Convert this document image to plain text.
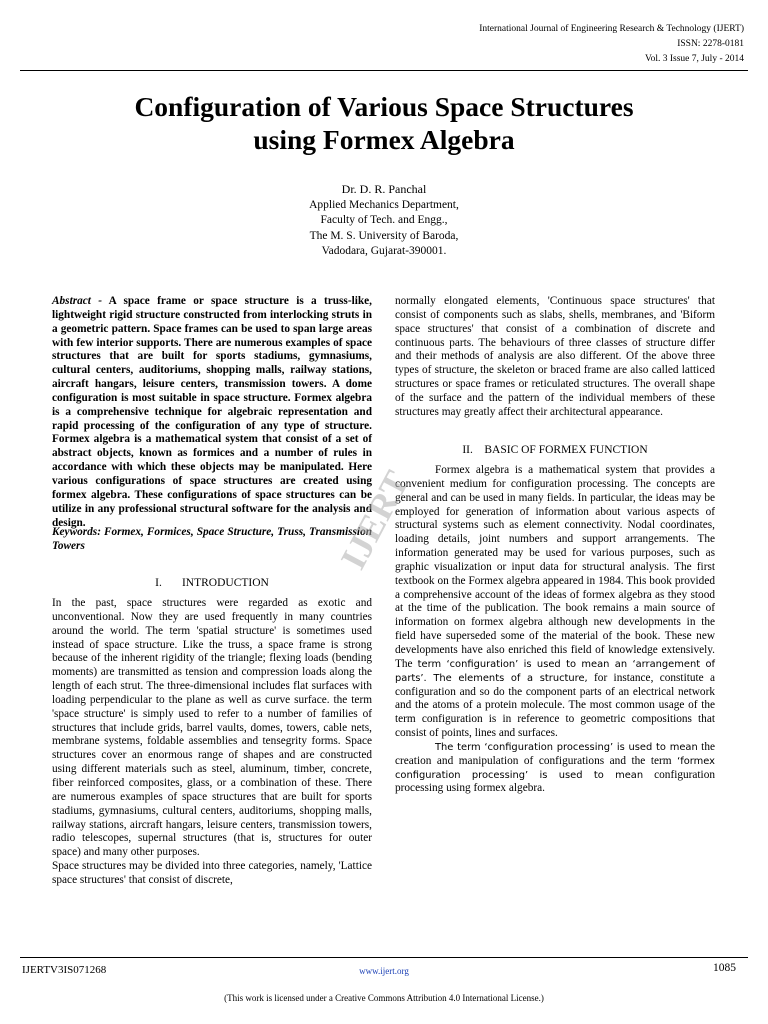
International Journal of Engineering Research & Technology (IJERT)
ISSN: 2278-0181
Vol. 3 Issue 7, July - 2014
Configuration of Various Space Structures
using Formex Algebra
Dr. D. R. Panchal
Applied Mechanics Department,
Faculty of Tech. and Engg.,
The M. S. University of Baroda,
Vadodara, Gujarat-390001.

Abstract - A space frame or space structure is a truss-like, lightweight rigid structure constructed from interlocking struts in a geometric pattern. Space frames can be used to span large areas with few interior supports. There are numerous examples of space structures that are built for sports stadiums, gymnasiums, cultural centers, auditoriums, shopping malls, railway stations, aircraft hangars, leisure centers, transmission towers. A dome configuration is most suitable in space structure. Formex algebra is a comprehensive technique for algebraic representation and rapid processing of the configuration of any type of structure. Formex algebra is a mathematical system that consist of a set of abstract objects, known as formices and a number of rules in accordance with which these objects may be manipulated. Here various configurations of space structures are created using formex algebra. These configurations of space structures can be utilize in any professional structural software for the analysis and design.

Keywords: Formex, Formices, Space Structure, Truss, Transmission Towers
I.       INTRODUCTION

In the past, space structures were regarded as exotic and unconventional. Now they are used frequently in many countries around the world. The term 'spatial structure' is sometimes used instead of space structure. Like the truss, a space frame is strong because of the inherent rigidity of the triangle; flexing loads (bending moments) are transmitted as tension and compression loads along the length of each strut. The three-dimensional includes flat surfaces with loading perpendicular to the plane as well as curve surface. the term 'space structure' is simply used to refer to a number of families of structures that include grids, barrel vaults, domes, towers, cable nets, membrane systems, foldable assemblies and tensegrity forms. Space structures cover an enormous range of shapes and are constructed using different materials such as steel, aluminum, timber, concrete, fiber reinforced composites, glass, or a combination of these. There are numerous examples of space structures that are built for sports stadiums, gymnasiums, cultural centers, auditoriums, shopping malls, railway stations, aircraft hangars, leisure centers, transmission towers, radio telescopes, supernal structures (that is, structures for outer space) and many other purposes.

Space structures may be divided into three categories, namely, 'Lattice space structures' that consist of discrete,

normally elongated elements, 'Continuous space structures' that consist of components such as slabs, shells, membranes, and 'Biform space structures' that consist of a combination of discrete and continuous parts. The behaviours of three classes of structure differ and their methods of analysis are also different. Of the above three types of structure, the skeleton or braced frame are also called latticed structures or space frames or reticulated structures. The overall shape of the surface and the pattern of the individual members of these structures may greatly affect their architectural appearance.

II.    BASIC OF FORMEX FUNCTION

Formex algebra is a mathematical system that provides a convenient medium for configuration processing. The concepts are general and can be used in many fields. In particular, the ideas may be employed for generation of information about various aspects of structural systems such as element connectivity. Nodal coordinates, loading details, joint numbers and support arrangements. The information generated may be used for various purposes, such as graphic visualization or input data for structural analysis. The first textbook on the Formex algebra appeared in 1984. This book provided a comprehensive account of the ideas of formex algebra as they stood at the time of the publication. The book remains a main source of information on formex algebra although new developments in the field have superseded some of the material of the book. These new developments have also enriched this field of knowledge extensively. The term ‘configuration’ is used to mean an ‘arrangement of parts’. The elements of a structure, for instance, constitute a configuration and so do the component parts of an electrical network and the atoms of a protein molecule. The most common usage of the term configuration is in reference to geometric compositions that consist of points, lines and surfaces.

The term ‘configuration processing’ is used to mean the creation and manipulation of configurations and the term ‘formex configuration processing’ is used to mean configuration processing using formex algebra.

IJERT
IJERTV3IS071268	www.ijert.org	1085
(This work is licensed under a Creative Commons Attribution 4.0 International License.)
